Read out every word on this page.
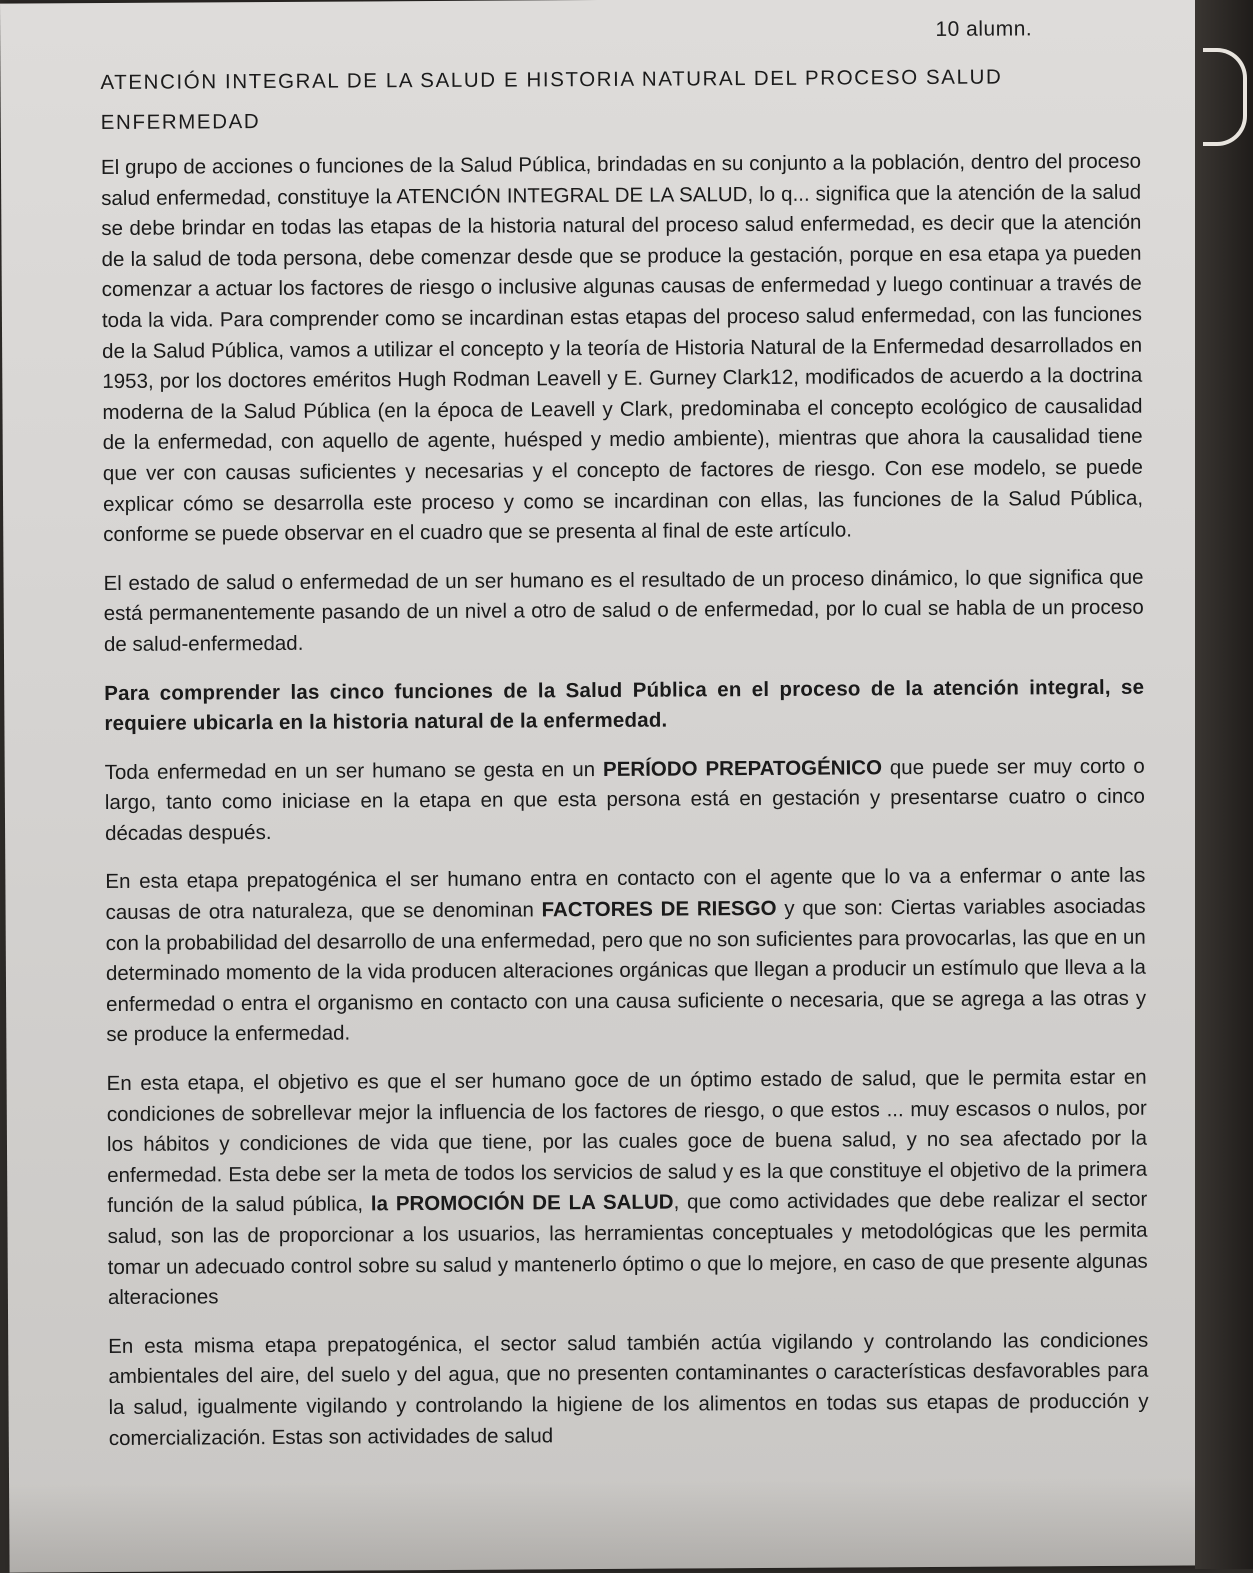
10 alumn.
ATENCIÓN INTEGRAL DE LA SALUD E HISTORIA NATURAL DEL PROCESO SALUD ENFERMEDAD

El grupo de acciones o funciones de la Salud Pública, brindadas en su conjunto a la población, dentro del proceso salud enfermedad, constituye la ATENCIÓN INTEGRAL DE LA SALUD, lo q... significa que la atención de la salud se debe brindar en todas las etapas de la historia natural del proceso salud enfermedad, es decir que la atención de la salud de toda persona, debe comenzar desde que se produce la gestación, porque en esa etapa ya pueden comenzar a actuar los factores de riesgo o inclusive algunas causas de enfermedad y luego continuar a través de toda la vida. Para comprender como se incardinan estas etapas del proceso salud enfermedad, con las funciones de la Salud Pública, vamos a utilizar el concepto y la teoría de Historia Natural de la Enfermedad desarrollados en 1953, por los doctores eméritos Hugh Rodman Leavell y E. Gurney Clark12, modificados de acuerdo a la doctrina moderna de la Salud Pública (en la época de Leavell y Clark, predominaba el concepto ecológico de causalidad de la enfermedad, con aquello de agente, huésped y medio ambiente), mientras que ahora la causalidad tiene que ver con causas suficientes y necesarias y el concepto de factores de riesgo. Con ese modelo, se puede explicar cómo se desarrolla este proceso y como se incardinan con ellas, las funciones de la Salud Pública, conforme se puede observar en el cuadro que se presenta al final de este artículo.

El estado de salud o enfermedad de un ser humano es el resultado de un proceso dinámico, lo que significa que está permanentemente pasando de un nivel a otro de salud o de enfermedad, por lo cual se habla de un proceso de salud-enfermedad.

Para comprender las cinco funciones de la Salud Pública en el proceso de la atención integral, se requiere ubicarla en la historia natural de la enfermedad.

Toda enfermedad en un ser humano se gesta en un PERÍODO PREPATOGÉNICO que puede ser muy corto o largo, tanto como iniciase en la etapa en que esta persona está en gestación y presentarse cuatro o cinco décadas después.

En esta etapa prepatogénica el ser humano entra en contacto con el agente que lo va a enfermar o ante las causas de otra naturaleza, que se denominan FACTORES DE RIESGO y que son: Ciertas variables asociadas con la probabilidad del desarrollo de una enfermedad, pero que no son suficientes para provocarlas, las que en un determinado momento de la vida producen alteraciones orgánicas que llegan a producir un estímulo que lleva a la enfermedad o entra el organismo en contacto con una causa suficiente o necesaria, que se agrega a las otras y se produce la enfermedad.

En esta etapa, el objetivo es que el ser humano goce de un óptimo estado de salud, que le permita estar en condiciones de sobrellevar mejor la influencia de los factores de riesgo, o que estos ... muy escasos o nulos, por los hábitos y condiciones de vida que tiene, por las cuales goce de buena salud, y no sea afectado por la enfermedad. Esta debe ser la meta de todos los servicios de salud y es la que constituye el objetivo de la primera función de la salud pública, la PROMOCIÓN DE LA SALUD, que como actividades que debe realizar el sector salud, son las de proporcionar a los usuarios, las herramientas conceptuales y metodológicas que les permita tomar un adecuado control sobre su salud y mantenerlo óptimo o que lo mejore, en caso de que presente algunas alteraciones

En esta misma etapa prepatogénica, el sector salud también actúa vigilando y controlando las condiciones ambientales del aire, del suelo y del agua, que no presenten contaminantes o características desfavorables para la salud, igualmente vigilando y controlando la higiene de los alimentos en todas sus etapas de producción y comercialización. Estas son actividades de salud
